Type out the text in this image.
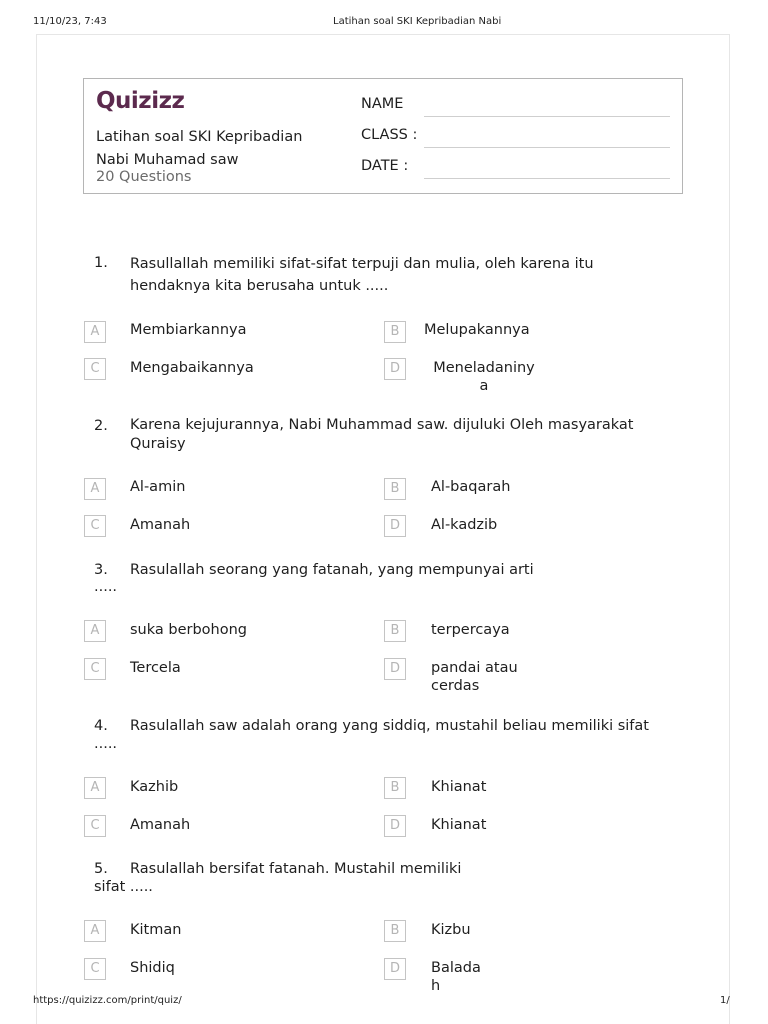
11/10/23, 7:43	Latihan soal SKI Kepribadian Nabi
Quizizz
Latihan soal SKI Kepribadian
Nabi Muhamad saw
20 Questions
NAME
CLASS :
DATE :
1. Rasullallah memiliki sifat-sifat terpuji dan mulia, oleh karena itu
hendaknya kita berusaha untuk .....
A	Membiarkannya	B	Melupakannya
C	Mengabaikannya	D	Meneladaniny
a
2. Karena kejujurannya, Nabi Muhammad saw. dijuluki Oleh masyarakat
Quraisy
A	Al-amin	B	Al-baqarah
C	Amanah	D	Al-kadzib
3. Rasulallah seorang yang fatanah, yang mempunyai arti
.....
A	suka berbohong	B	terpercaya
C	Tercela	D	pandai atau
cerdas
4. Rasulallah saw adalah orang yang siddiq, mustahil beliau memiliki sifat
.....
A	Kazhib	B	Khianat
C	Amanah	D	Khianat
5. Rasulallah bersifat fatanah. Mustahil memiliki
sifat .....
A	Kitman	B	Kizbu
C	Shidiq	D	Balada
h
https://quizizz.com/print/quiz/	1/
